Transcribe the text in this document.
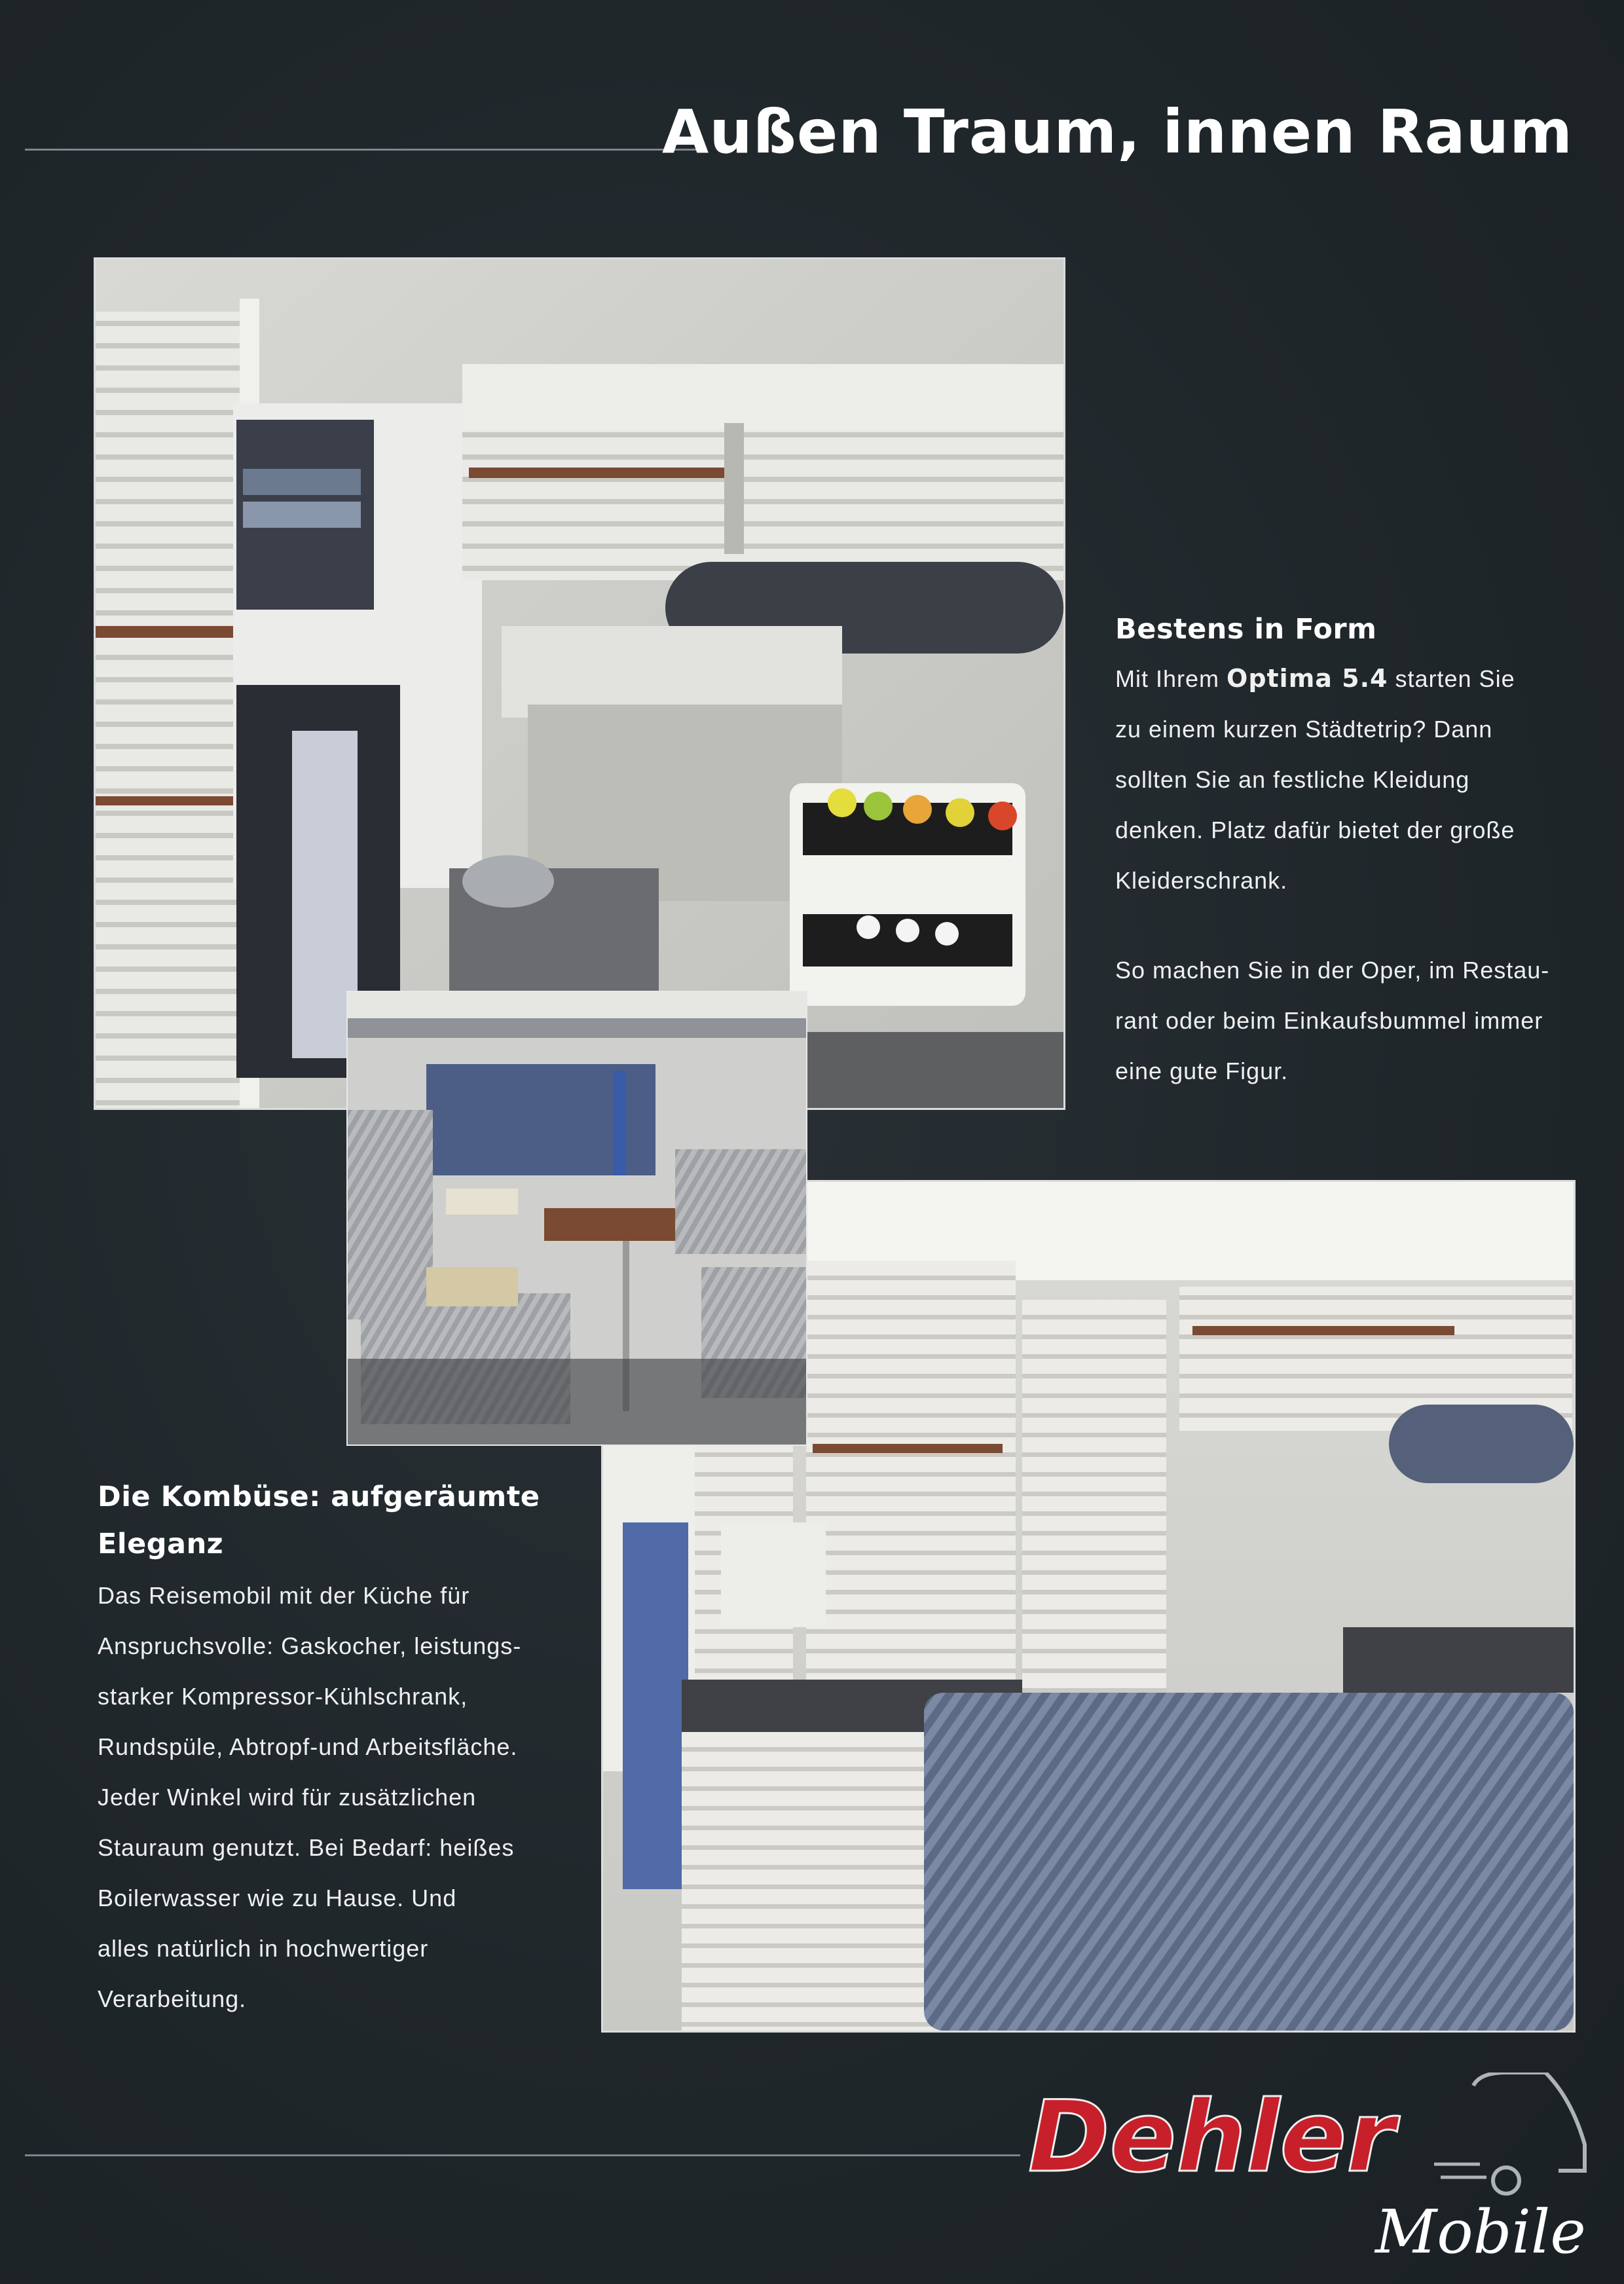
Außen Traum, innen Raum
Bestens in Form

Mit Ihrem Optima 5.4 starten Sie
zu einem kurzen Städtetrip? Dann
sollten Sie an festliche Kleidung
denken. Platz dafür bietet der große
Kleiderschrank.

So machen Sie in der Oper, im Restau-
rant oder beim Einkaufsbummel immer
eine gute Figur.

Die Kombüse: aufgeräumte
Eleganz

Das Reisemobil mit der Küche für
Anspruchsvolle: Gaskocher, leistungs-
starker Kompressor-Kühlschrank,
Rundspüle, Abtropf-und Arbeitsfläche.
Jeder Winkel wird für zusätzlichen
Stauraum genutzt. Bei Bedarf: heißes
Boilerwasser wie zu Hause. Und
alles natürlich in hochwertiger
Verarbeitung.

Dehler
Mobile
